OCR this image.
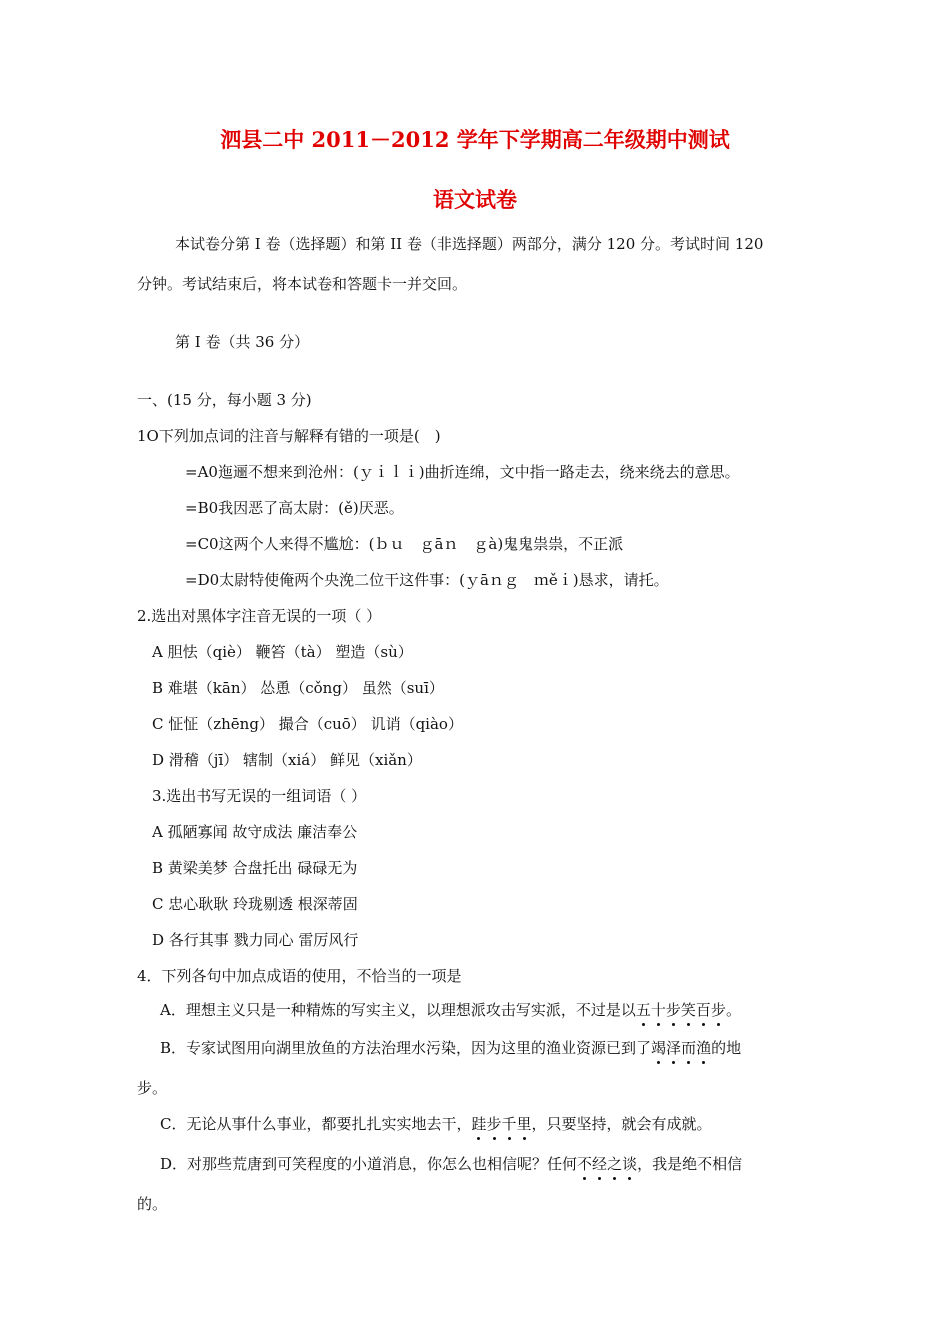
泗县二中 2011－2012 学年下学期高二年级期中测试
语文试卷
本试卷分第 I 卷（选择题）和第 II 卷（非选择题）两部分，满分 120 分。考试时间 120
分钟。考试结束后，将本试卷和答题卡一并交回。
第 I 卷（共 36 分）
一、(15 分，每小题 3 分)
1O下列加点词的注音与解释有错的一项是(　)
=A0迤逦不想来到沧州：(ｙｉｌｉ)曲折连绵，文中指一路走去，绕来绕去的意思。
=B0我因恶了高太尉：(ě)厌恶。
=C0这两个人来得不尴尬：(ｂｕ　ｇāｎ　ｇà)鬼鬼祟祟，不正派
=D0太尉特使俺两个央浼二位干这件事：(ｙāｎｇ　ｍěｉ)恳求，请托。
2.选出对黑体字注音无误的一项（ ）
A 胆怯（qiè） 鞭笞（tà） 塑造（sù）
B 难堪（kān） 怂恿（cǒng） 虽然（suī）
C 怔怔（zhēng） 撮合（cuō） 讥诮（qiào）
D 滑稽（jī） 辖制（xiá） 鲜见（xiǎn）
3.选出书写无误的一组词语（ ）
A 孤陋寡闻 故守成法 廉洁奉公
B 黄梁美梦 合盘托出 碌碌无为
C 忠心耿耿 玲珑剔透 根深蒂固
D 各行其事 戮力同心 雷厉风行
4．下列各句中加点成语的使用，不恰当的一项是
A．理想主义只是一种精炼的写实主义，以理想派攻击写实派，不过是以五十步笑百步。
B．专家试图用向湖里放鱼的方法治理水污染，因为这里的渔业资源已到了竭泽而渔的地
步。
C．无论从事什么事业，都要扎扎实实地去干，跬步千里，只要坚持，就会有成就。
D．对那些荒唐到可笑程度的小道消息，你怎么也相信呢？任何不经之谈，我是绝不相信
的。
